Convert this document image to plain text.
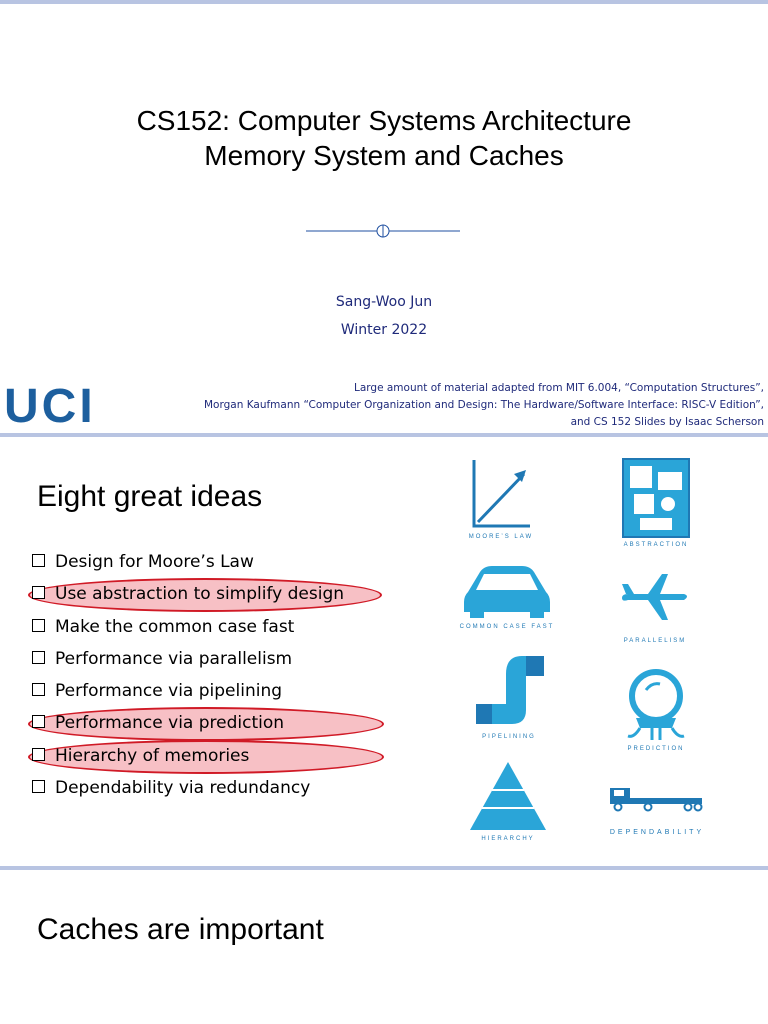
CS152: Computer Systems Architecture
Memory System and Caches
Sang-Woo Jun
Winter 2022
UCI	Large amount of material adapted from MIT 6.004, “Computation Structures”,
Morgan Kaufmann “Computer Organization and Design: The Hardware/Software Interface: RISC-V Edition”,
and CS 152 Slides by Isaac Scherson
Eight great ideas
Design for Moore’s Law
Use abstraction to simplify design
Make the common case fast
Performance via parallelism
Performance via pipelining
Performance via prediction
Hierarchy of memories
Dependability via redundancy
MOORE’S LAW
ABSTRACTION
COMMON CASE FAST
PARALLELISM
PIPELINING
PREDICTION
HIERARCHY
DEPENDABILITY
Caches are important
